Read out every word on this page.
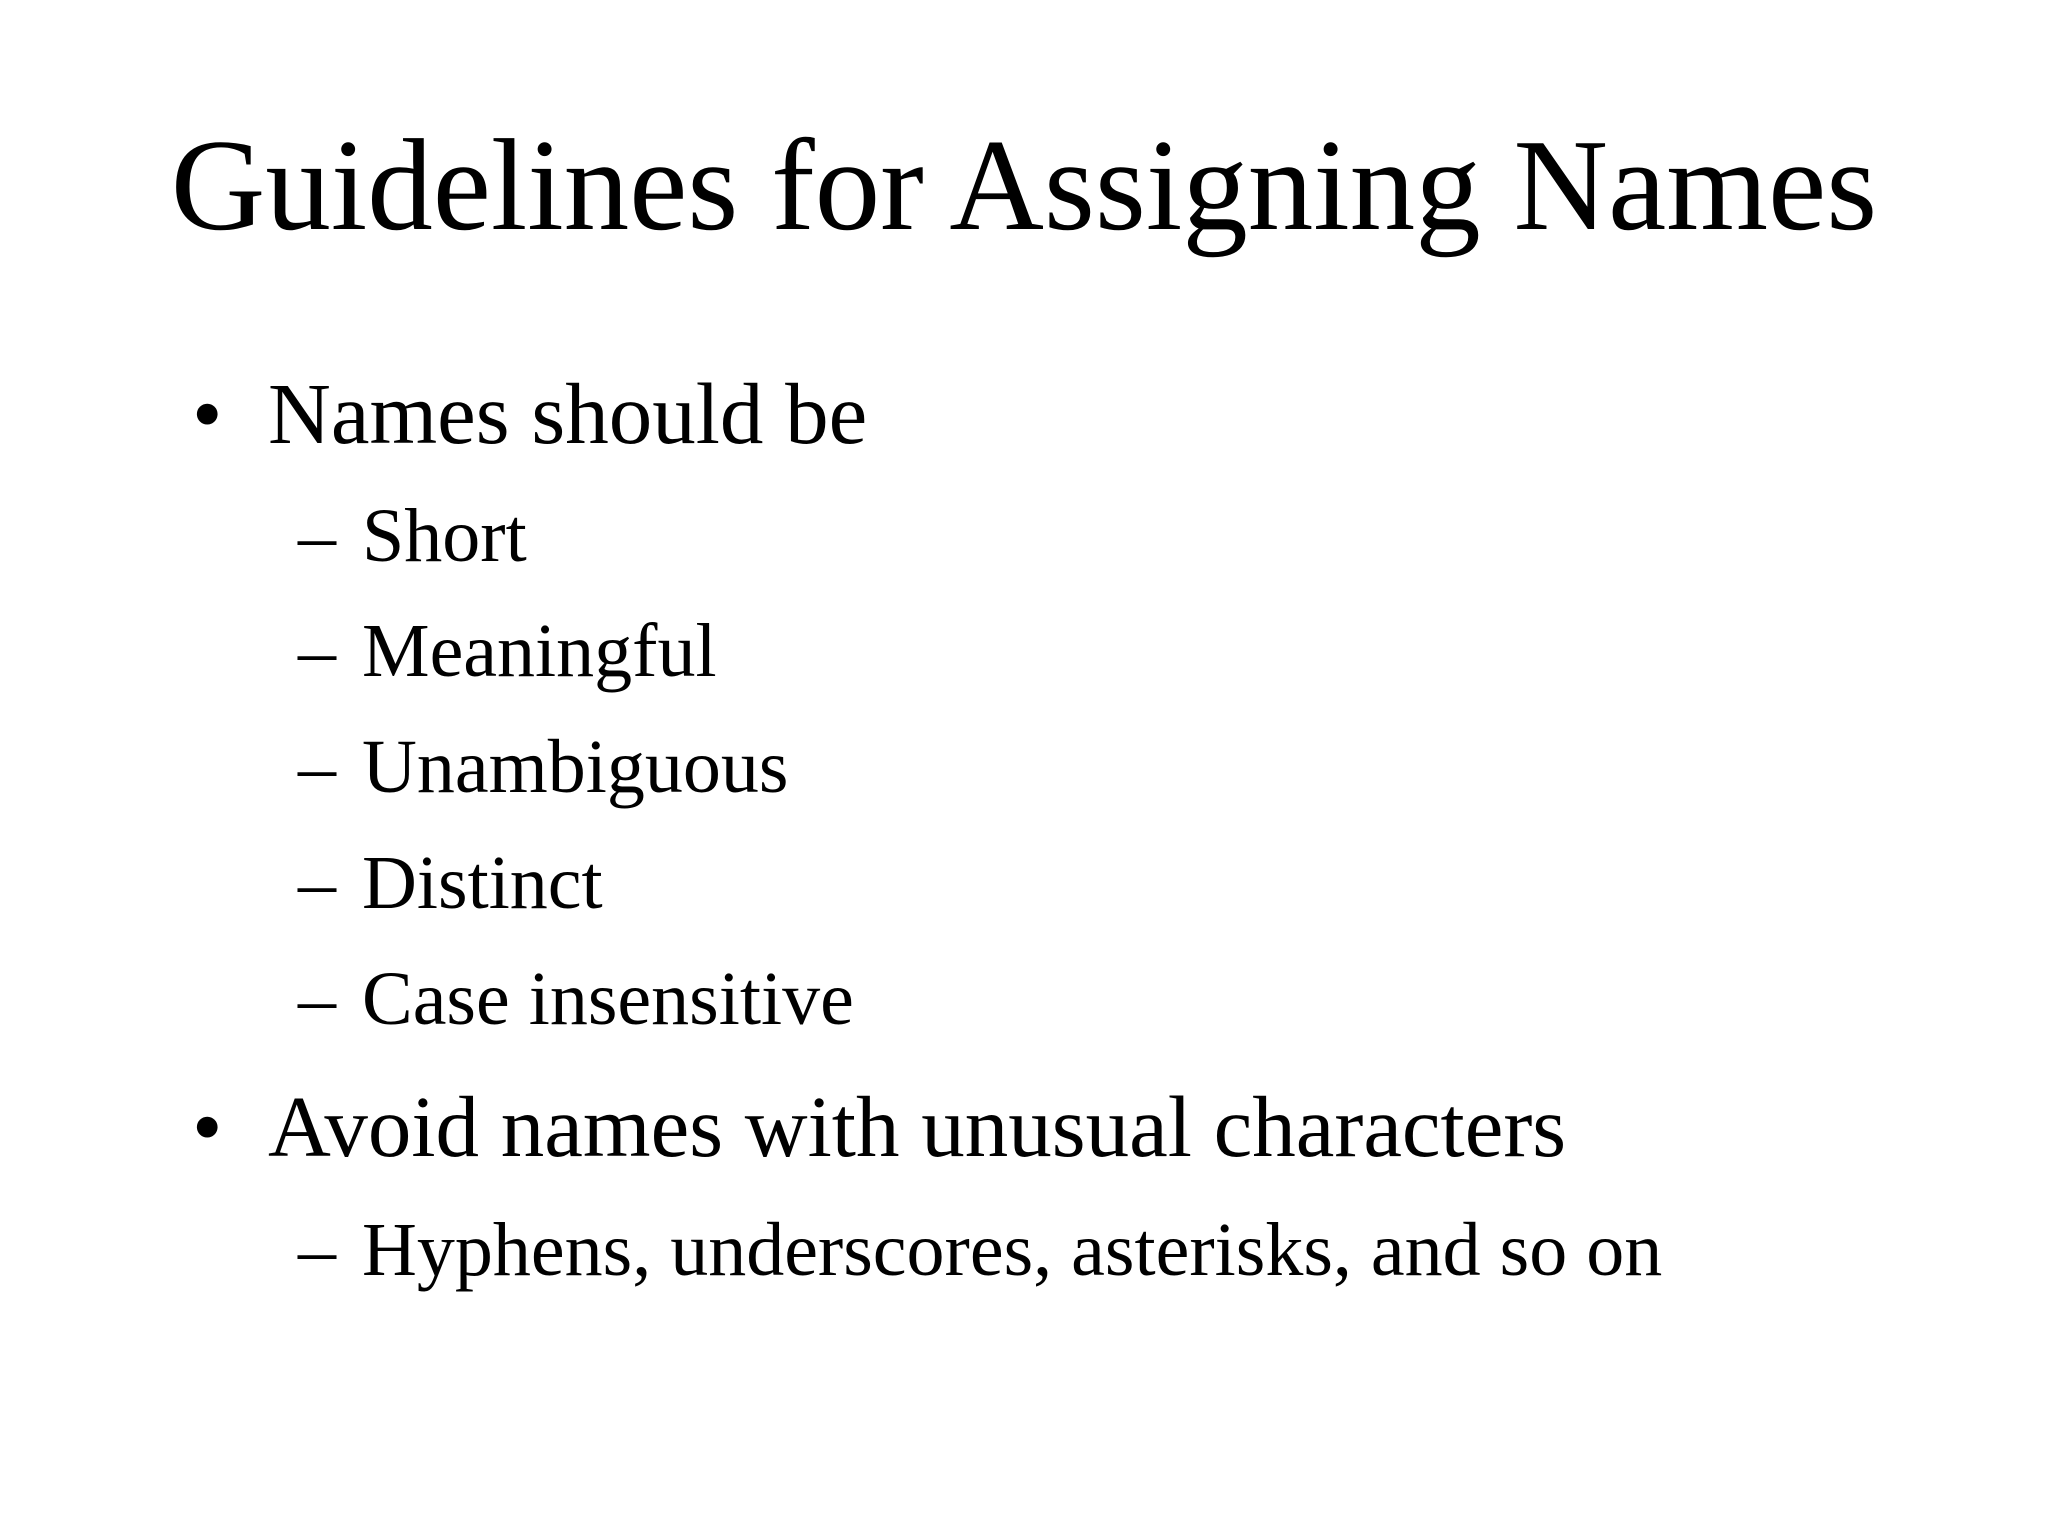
Guidelines for Assigning Names
• Names should be
– Short
– Meaningful
– Unambiguous
– Distinct
– Case insensitive
• Avoid names with unusual characters
– Hyphens, underscores, asterisks, and so on
